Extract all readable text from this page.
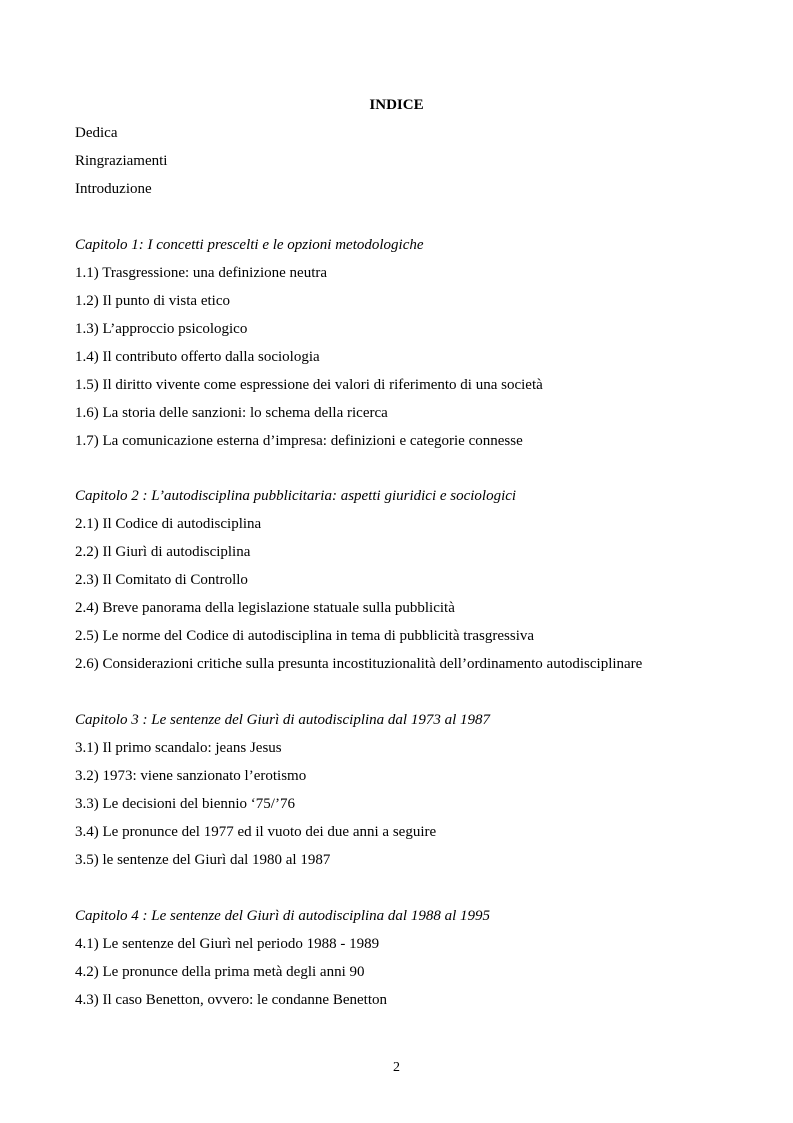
INDICE
Dedica
Ringraziamenti
Introduzione
Capitolo 1: I concetti prescelti e le opzioni metodologiche
1.1) Trasgressione: una definizione neutra
1.2) Il punto di vista etico
1.3) L’approccio psicologico
1.4) Il contributo offerto dalla sociologia
1.5) Il diritto vivente come espressione dei valori di riferimento di una società
1.6) La storia delle sanzioni: lo schema della ricerca
1.7) La comunicazione esterna d’impresa: definizioni e categorie connesse
Capitolo 2 : L’autodisciplina pubblicitaria: aspetti giuridici e sociologici
2.1) Il Codice di autodisciplina
2.2) Il Giurì di autodisciplina
2.3) Il Comitato di Controllo
2.4) Breve panorama della legislazione statuale sulla pubblicità
2.5) Le norme del Codice di autodisciplina in tema di pubblicità trasgressiva
2.6) Considerazioni critiche sulla presunta incostituzionalità dell’ordinamento autodisciplinare
Capitolo 3 : Le sentenze del Giurì di autodisciplina dal 1973 al 1987
3.1) Il primo scandalo: jeans Jesus
3.2) 1973: viene sanzionato l’erotismo
3.3) Le decisioni del biennio ‘75/’76
3.4) Le pronunce del 1977 ed il vuoto dei due anni a seguire
3.5) le sentenze del Giurì dal 1980 al 1987
Capitolo 4 : Le sentenze del Giurì di autodisciplina dal 1988 al 1995
4.1) Le sentenze del Giurì nel periodo 1988 - 1989
4.2) Le pronunce della prima metà degli anni 90
4.3) Il caso Benetton, ovvero: le condanne Benetton
2
